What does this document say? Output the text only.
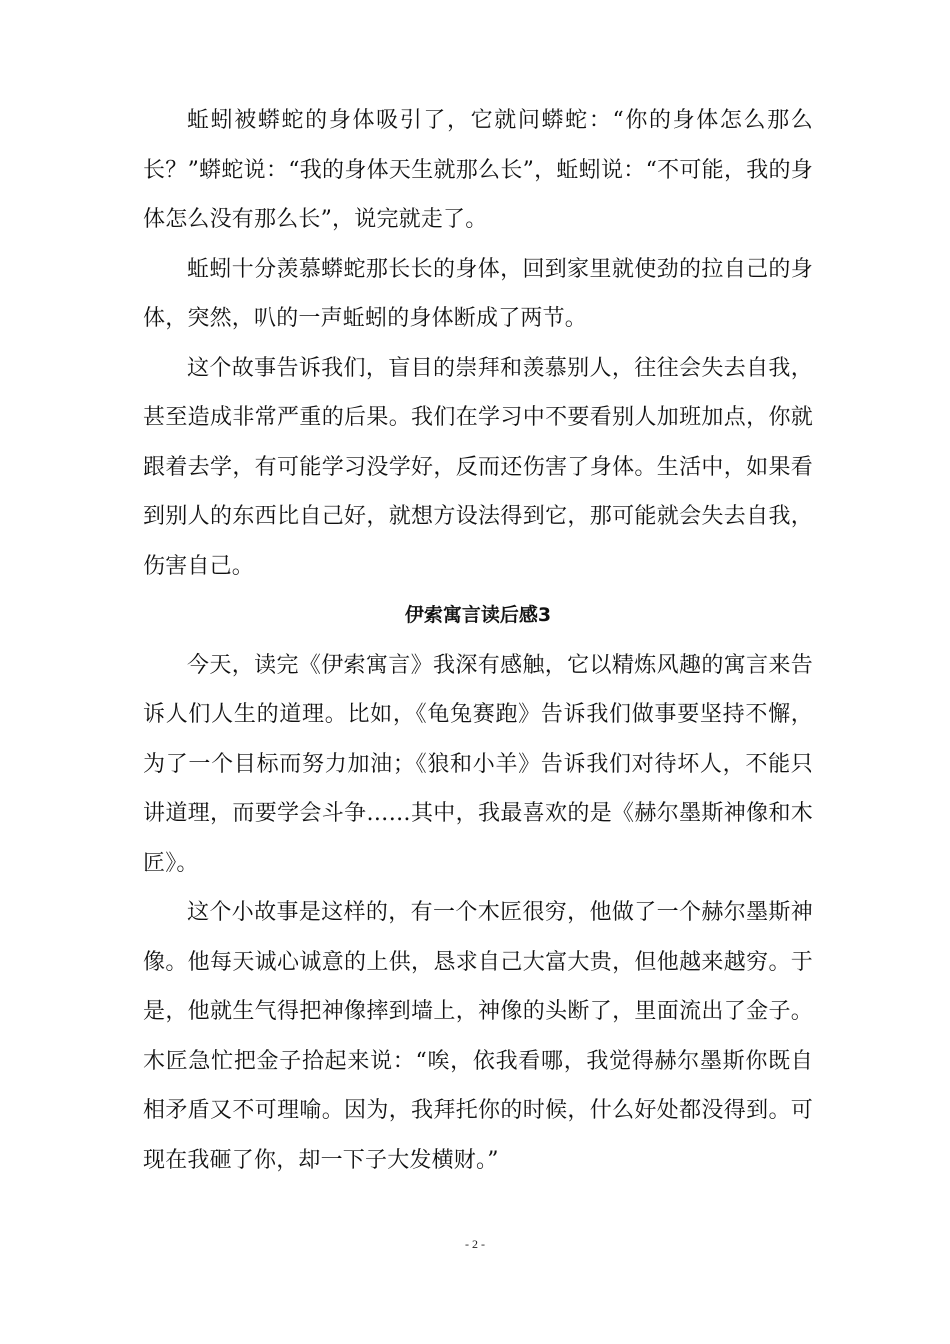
蚯蚓被蟒蛇的身体吸引了，它就问蟒蛇：“你的身体怎么那么长？”蟒蛇说：“我的身体天生就那么长”，蚯蚓说：“不可能，我的身体怎么没有那么长”，说完就走了。

蚯蚓十分羡慕蟒蛇那长长的身体，回到家里就使劲的拉自己的身体，突然，叭的一声蚯蚓的身体断成了两节。

这个故事告诉我们，盲目的崇拜和羡慕别人，往往会失去自我，甚至造成非常严重的后果。我们在学习中不要看别人加班加点，你就跟着去学，有可能学习没学好，反而还伤害了身体。生活中，如果看到别人的东西比自己好，就想方设法得到它，那可能就会失去自我，伤害自己。

伊索寓言读后感3

今天，读完《伊索寓言》我深有感触，它以精炼风趣的寓言来告诉人们人生的道理。比如，《龟兔赛跑》告诉我们做事要坚持不懈，为了一个目标而努力加油；《狼和小羊》告诉我们对待坏人，不能只讲道理，而要学会斗争……其中，我最喜欢的是《赫尔墨斯神像和木匠》。

这个小故事是这样的，有一个木匠很穷，他做了一个赫尔墨斯神像。他每天诚心诚意的上供，恳求自己大富大贵，但他越来越穷。于是，他就生气得把神像摔到墙上，神像的头断了，里面流出了金子。木匠急忙把金子拾起来说：“唉，依我看哪，我觉得赫尔墨斯你既自相矛盾又不可理喻。因为，我拜托你的时候，什么好处都没得到。可现在我砸了你，却一下子大发横财。”

- 2 -
